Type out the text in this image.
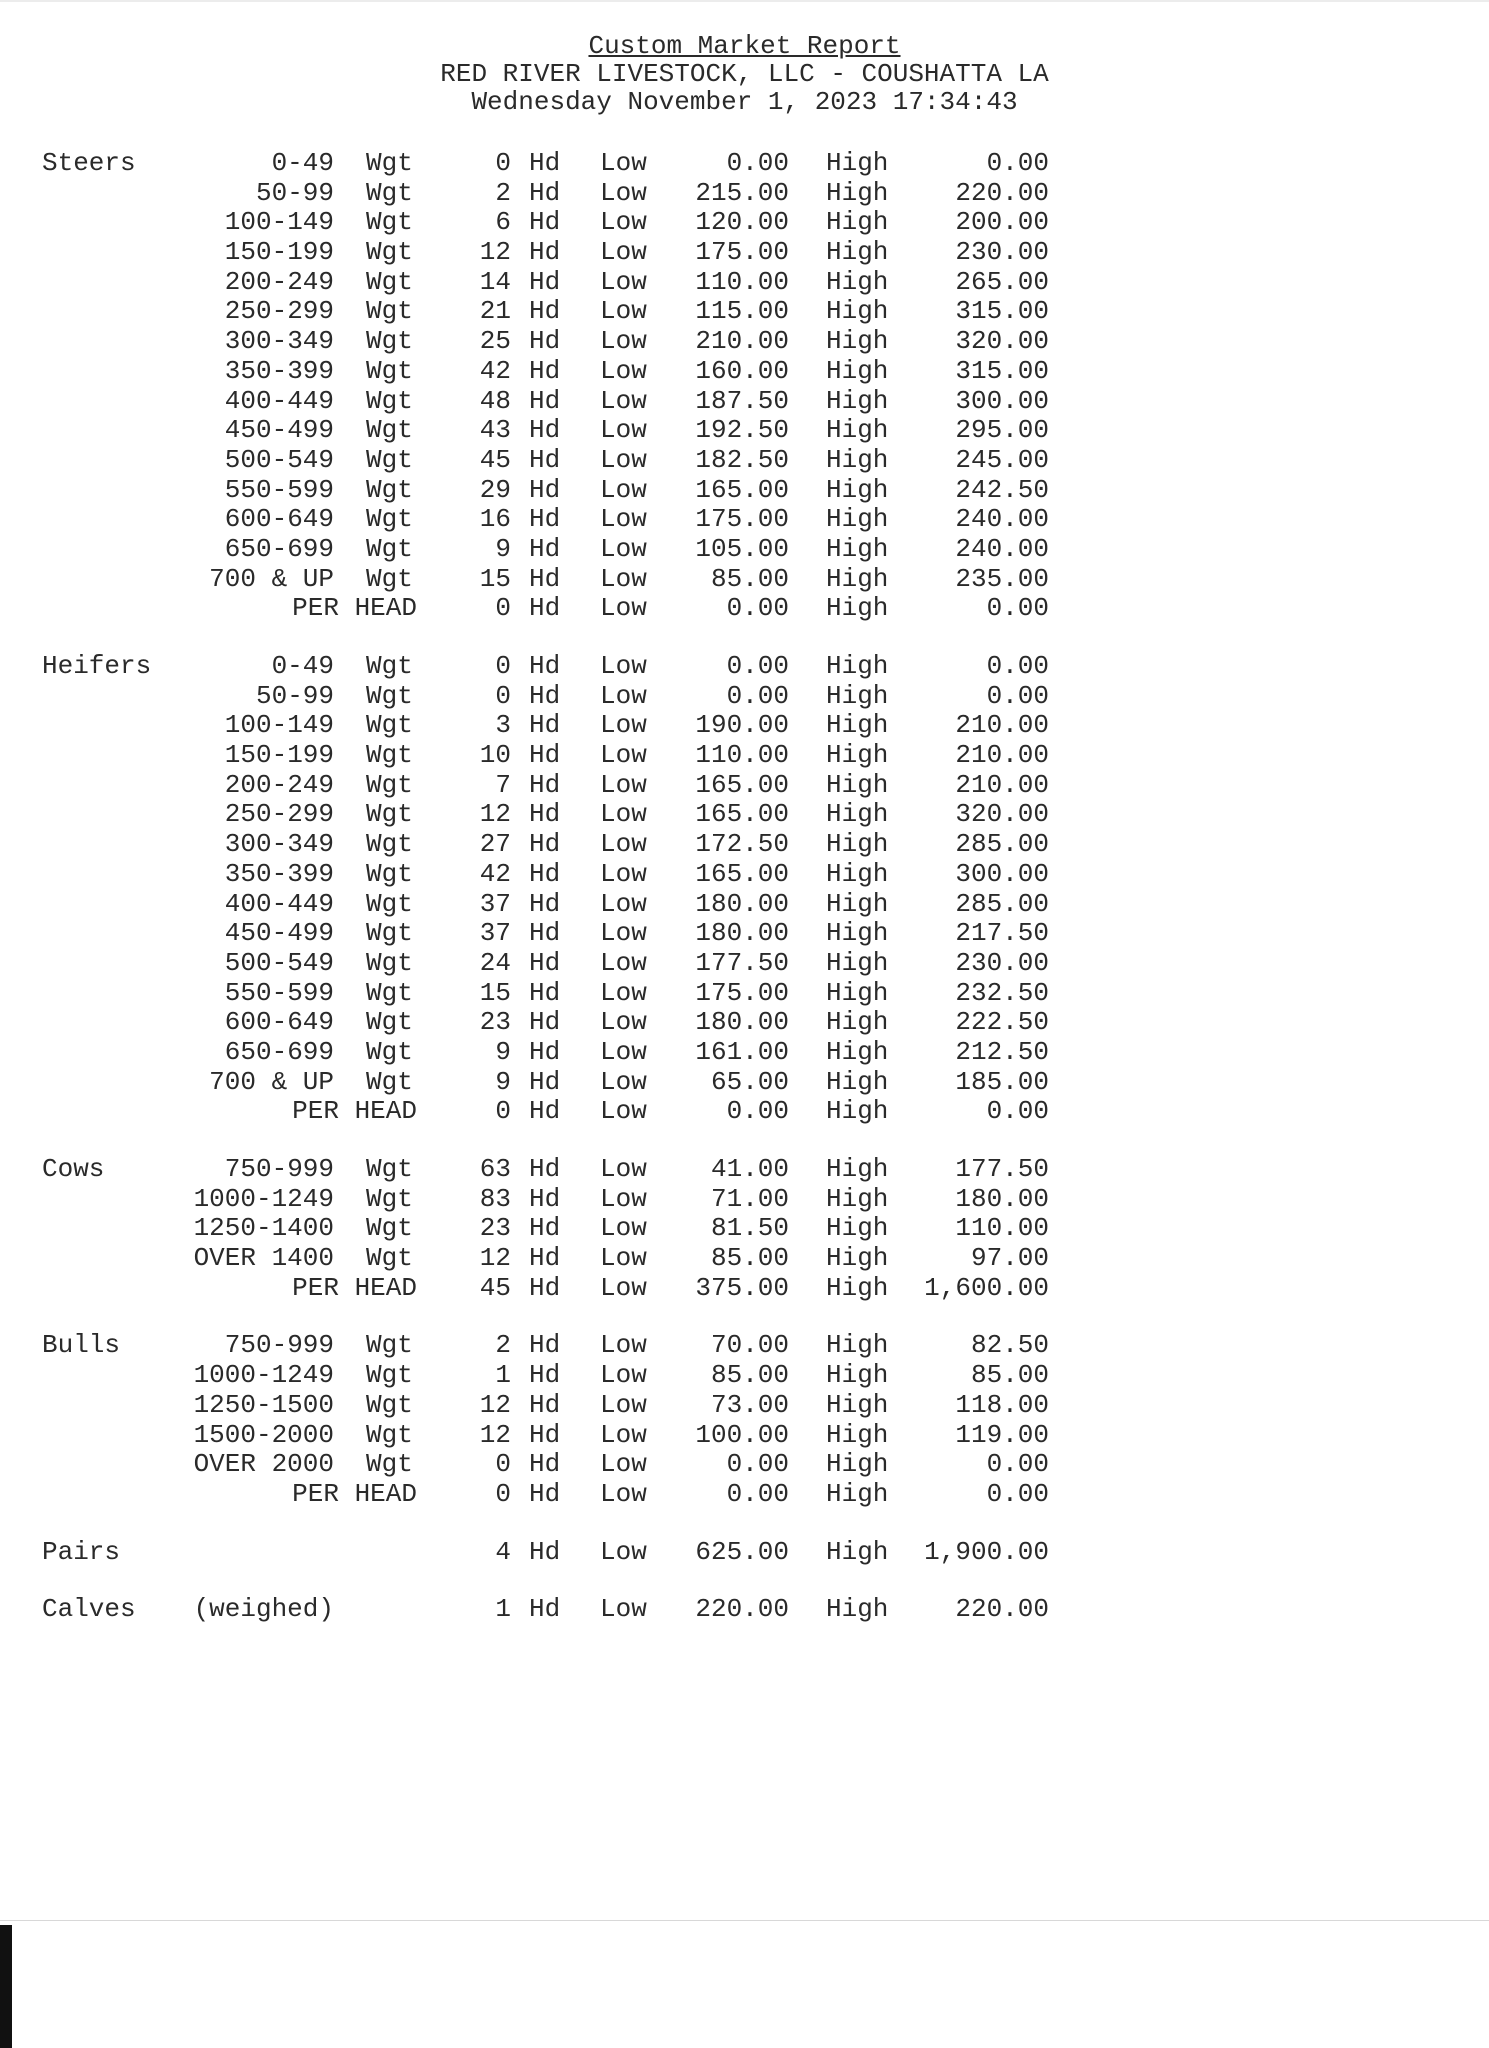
Custom Market Report
RED RIVER LIVESTOCK, LLC - COUSHATTA LA
Wednesday November 1, 2023 17:34:43
Steers	0-49 Wgt	0 Hd Low	0.00 High	0.00
50-99 Wgt	2 Hd Low 215.00 High	220.00
100-149 Wgt	6 Hd Low 120.00 High	200.00
150-199 Wgt	12 Hd Low 175.00 High	230.00
200-249 Wgt	14 Hd Low 110.00 High	265.00
250-299 Wgt	21 Hd Low 115.00 High	315.00
300-349 Wgt	25 Hd Low 210.00 High	320.00
350-399 Wgt	42 Hd Low 160.00 High	315.00
400-449 Wgt	48 Hd Low 187.50 High	300.00
450-499 Wgt	43 Hd Low 192.50 High	295.00
500-549 Wgt	45 Hd Low 182.50 High	245.00
550-599 Wgt	29 Hd Low 165.00 High	242.50
600-649 Wgt	16 Hd Low 175.00 High	240.00
650-699 Wgt	9 Hd Low 105.00 High	240.00
700 & UP Wgt	15 Hd Low 85.00 High	235.00
PER HEAD	0 Hd Low	0.00 High	0.00
Heifers	0-49 Wgt	0 Hd Low	0.00 High	0.00
50-99 Wgt	0 Hd Low	0.00 High	0.00
100-149 Wgt	3 Hd Low 190.00 High	210.00
150-199 Wgt	10 Hd Low 110.00 High	210.00
200-249 Wgt	7 Hd Low 165.00 High	210.00
250-299 Wgt	12 Hd Low 165.00 High	320.00
300-349 Wgt	27 Hd Low 172.50 High	285.00
350-399 Wgt	42 Hd Low 165.00 High	300.00
400-449 Wgt	37 Hd Low 180.00 High	285.00
450-499 Wgt	37 Hd Low 180.00 High	217.50
500-549 Wgt	24 Hd Low 177.50 High	230.00
550-599 Wgt	15 Hd Low 175.00 High	232.50
600-649 Wgt	23 Hd Low 180.00 High	222.50
650-699 Wgt	9 Hd Low 161.00 High	212.50
700 & UP Wgt	9 Hd Low 65.00 High	185.00
PER HEAD	0 Hd Low	0.00 High	0.00
Cows	750-999 Wgt	63 Hd Low 41.00 High	177.50
1000-1249 Wgt	83 Hd Low 71.00 High	180.00
1250-1400 Wgt	23 Hd Low 81.50 High	110.00
OVER 1400 Wgt	12 Hd Low 85.00 High	97.00
PER HEAD 45 Hd Low 375.00 High 1,600.00
Bulls	750-999 Wgt	2 Hd Low 70.00 High	82.50
1000-1249 Wgt	1 Hd Low 85.00 High	85.00
1250-1500 Wgt	12 Hd Low 73.00 High	118.00
1500-2000 Wgt	12 Hd Low 100.00 High	119.00
OVER 2000 Wgt	0 Hd Low	0.00 High	0.00
PER HEAD	0 Hd Low	0.00 High	0.00
Pairs	4 Hd Low 625.00 High 1,900.00
Calves (weighed)	1 Hd Low 220.00 High	220.00
